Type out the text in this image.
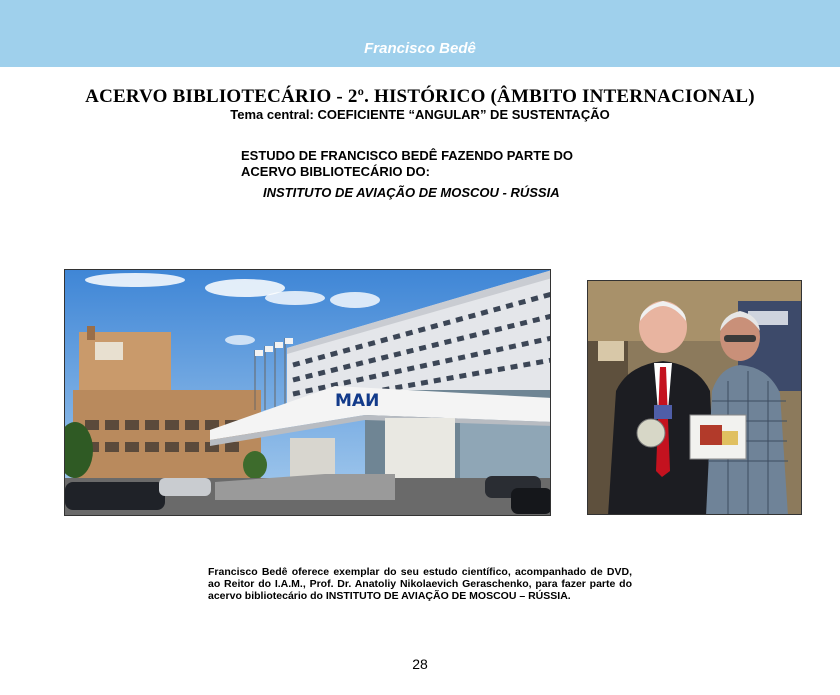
Francisco Bedê
ACERVO BIBLIOTECÁRIO - 2º. HISTÓRICO (ÂMBITO INTERNACIONAL)
Tema central: COEFICIENTE “ANGULAR” DE SUSTENTAÇÃO
ESTUDO DE FRANCISCO BEDÊ FAZENDO PARTE DO
ACERVO BIBLIOTECÁRIO DO:
INSTITUTO DE AVIAÇÃO DE MOSCOU - RÚSSIA
МАИ
Francisco Bedê oferece exemplar do seu estudo científico, acompanhado de DVD, ao Reitor do I.A.M., Prof. Dr. Anatoliy Nikolaevich Geraschenko, para fazer parte do acervo bibliotecário do INSTITUTO DE AVIAÇÃO DE MOSCOU – RÚSSIA.
28
